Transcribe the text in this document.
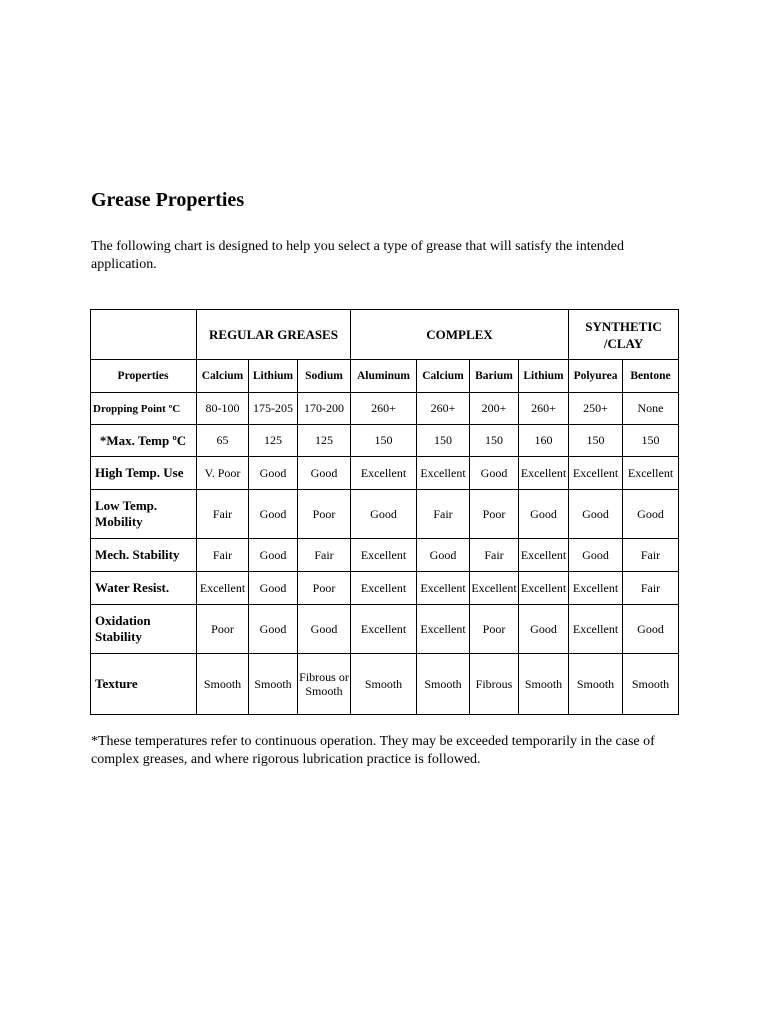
Grease Properties

The following chart is designed to help you select a type of grease that will satisfy the intended application.

	REGULAR GREASES			COMPLEX				SYNTHETIC /CLAY	
Properties	Calcium	Lithium	Sodium	Aluminum	Calcium	Barium	Lithium	Polyurea	Bentone
Dropping Point ºC	80-100	175-205	170-200	260+	260+	200+	260+	250+	None
*Max. Temp ºC	65	125	125	150	150	150	160	150	150
High Temp. Use	V. Poor	Good	Good	Excellent	Excellent	Good	Excellent	Excellent	Excellent
Low Temp. Mobility	Fair	Good	Poor	Good	Fair	Poor	Good	Good	Good
Mech. Stability	Fair	Good	Fair	Excellent	Good	Fair	Excellent	Good	Fair
Water Resist.	Excellent	Good	Poor	Excellent	Excellent	Excellent	Excellent	Excellent	Fair
Oxidation Stability	Poor	Good	Good	Excellent	Excellent	Poor	Good	Excellent	Good
Texture	Smooth	Smooth	Fibrous or Smooth	Smooth	Smooth	Fibrous	Smooth	Smooth	Smooth

*These temperatures refer to continuous operation. They may be exceeded temporarily in the case of complex greases, and where rigorous lubrication practice is followed.
